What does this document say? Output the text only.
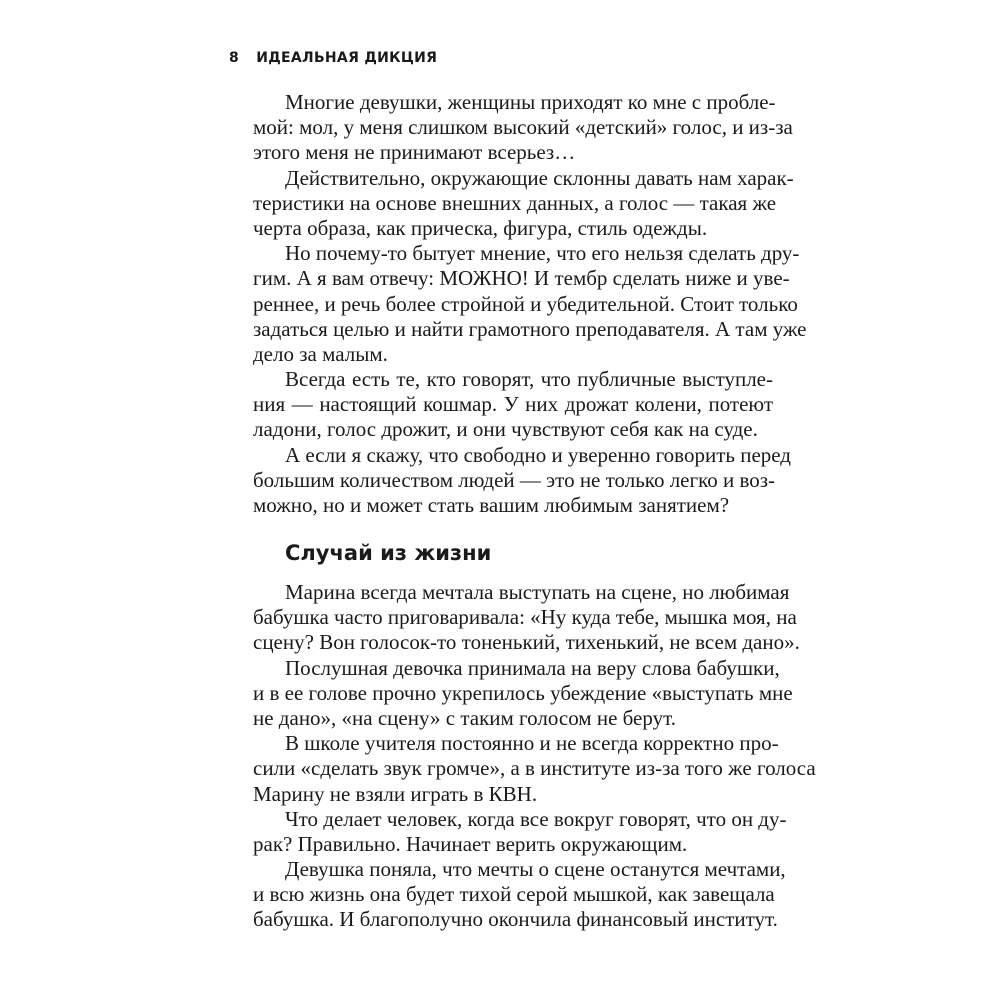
8 ИДЕАЛЬНАЯ ДИКЦИЯ
Многие девушки, женщины приходят ко мне с пробле-
мой: мол, у меня слишком высокий «детский» голос, и из-за
этого меня не принимают всерьез…
Действительно, окружающие склонны давать нам харак-
теристики на основе внешних данных, а голос — такая же
черта образа, как прическа, фигура, стиль одежды.
Но почему-то бытует мнение, что его нельзя сделать дру-
гим. А я вам отвечу: МОЖНО! И тембр сделать ниже и уве-
реннее, и речь более стройной и убедительной. Стоит только
задаться целью и найти грамотного преподавателя. А там уже
дело за малым.
Всегда есть те, кто говорят, что публичные выступле-
ния — настоящий кошмар. У них дрожат колени, потеют
ладони, голос дрожит, и они чувствуют себя как на суде.
А если я скажу, что свободно и уверенно говорить перед
большим количеством людей — это не только легко и воз-
можно, но и может стать вашим любимым занятием?
Случай из жизни
Марина всегда мечтала выступать на сцене, но любимая
бабушка часто приговаривала: «Ну куда тебе, мышка моя, на
сцену? Вон голосок-то тоненький, тихенький, не всем дано».
Послушная девочка принимала на веру слова бабушки,
и в ее голове прочно укрепилось убеждение «выступать мне
не дано», «на сцену» с таким голосом не берут.
В школе учителя постоянно и не всегда корректно про-
сили «сделать звук громче», а в институте из-за того же голоса
Марину не взяли играть в КВН.
Что делает человек, когда все вокруг говорят, что он ду-
рак? Правильно. Начинает верить окружающим.
Девушка поняла, что мечты о сцене останутся мечтами,
и всю жизнь она будет тихой серой мышкой, как завещала
бабушка. И благополучно окончила финансовый институт.
